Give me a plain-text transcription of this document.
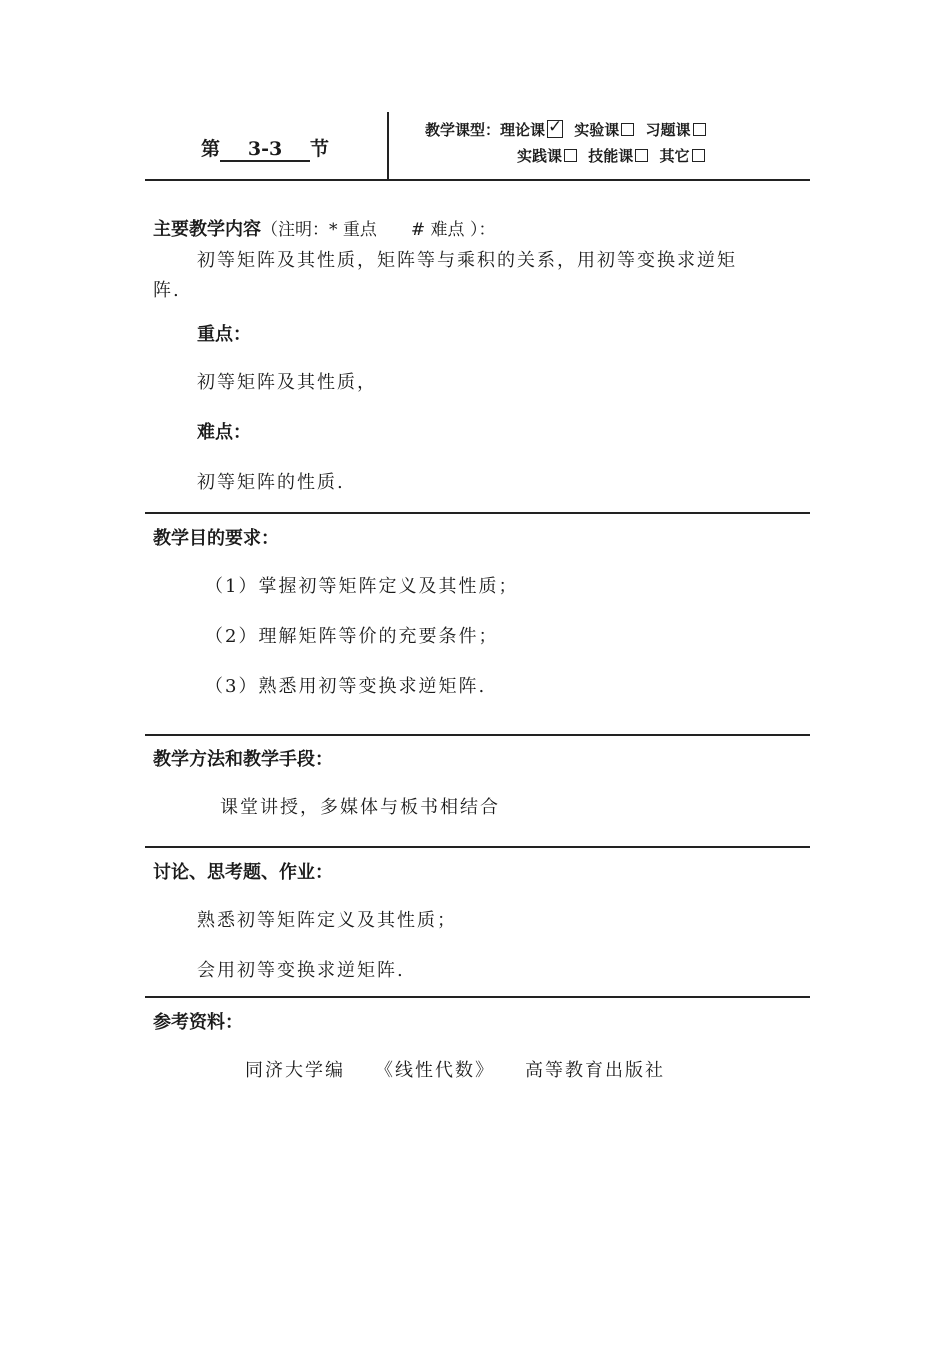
第 3-3 节
教学课型：理论课✓ 实验课 习题课
实践课 技能课 其它

主要教学内容（注明：* 重点　　# 难点 ）：

初等矩阵及其性质，矩阵等与乘积的关系，用初等变换求逆矩

阵.

重点：

初等矩阵及其性质，

难点：

初等矩阵的性质.

教学目的要求：

（1）掌握初等矩阵定义及其性质；

（2）理解矩阵等价的充要条件；

（3）熟悉用初等变换求逆矩阵.

教学方法和教学手段：

课堂讲授，多媒体与板书相结合

讨论、思考题、作业：

熟悉初等矩阵定义及其性质；

会用初等变换求逆矩阵.

参考资料：

同济大学编 《线性代数》 高等教育出版社
